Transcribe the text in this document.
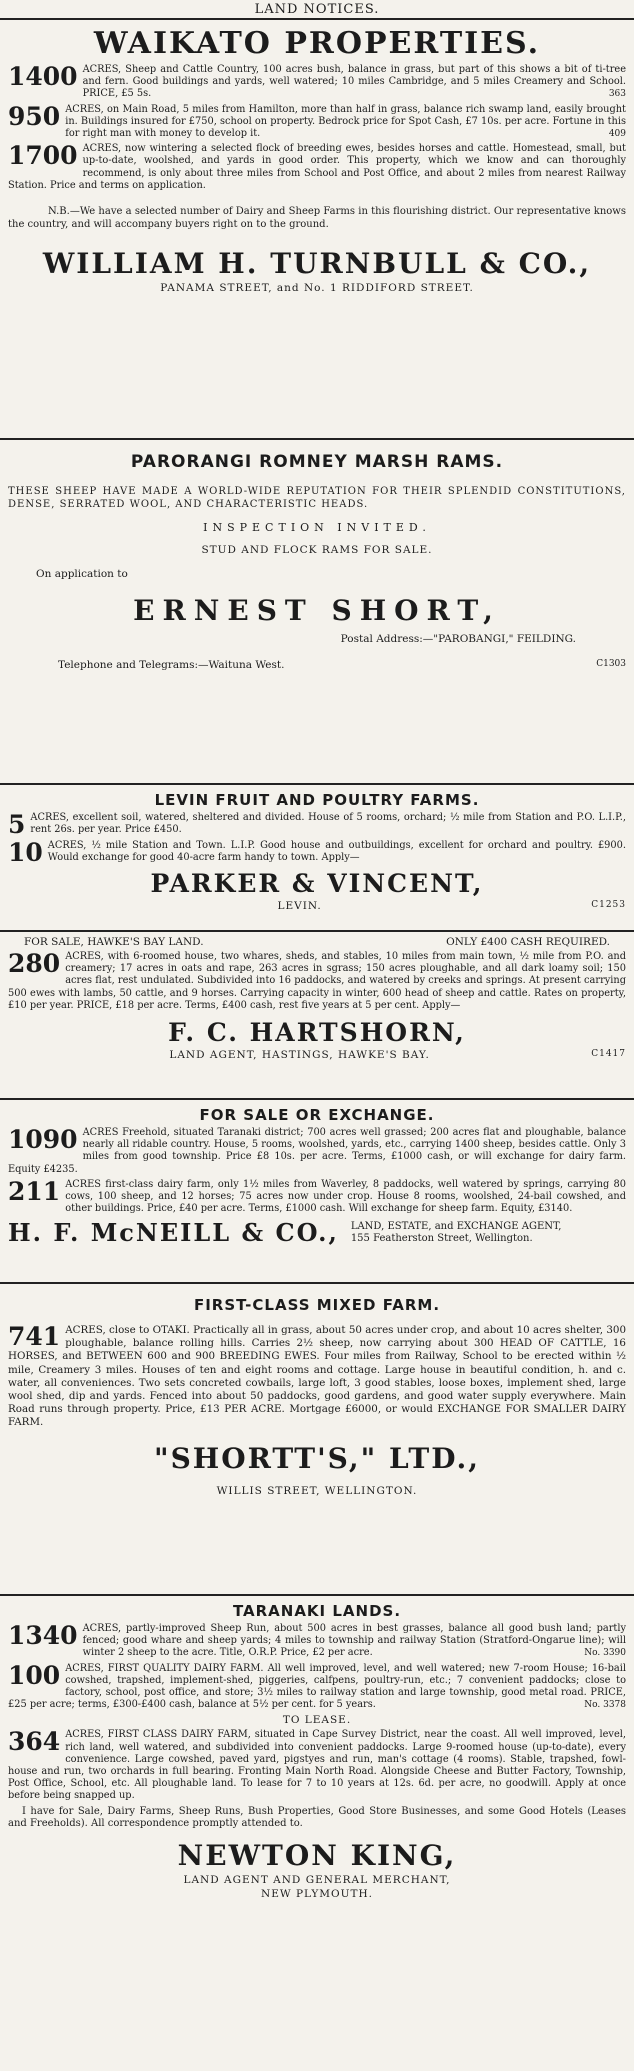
LAND NOTICES.
WAIKATO PROPERTIES.
1400 ACRES, Sheep and Cattle Country, 100 acres bush, balance in grass, but part of this shows a bit of ti-tree and fern. Good buildings and yards, well watered; 10 miles Cambridge, and 5 miles Creamery and School. PRICE, £5 5s.	363
950 ACRES, on Main Road, 5 miles from Hamilton, more than half in grass, balance rich swamp land, easily brought in. Buildings insured for £750, school on property. Bedrock price for Spot Cash, £7 10s. per acre. Fortune in this for right man with money to develop it.	409
1700 ACRES, now wintering a selected flock of breeding ewes, besides horses and cattle. Homestead, small, but up-to-date, woolshed, and yards in good order. This property, which we know and can thoroughly recommend, is only about three miles from School and Post Office, and about 2 miles from nearest Railway Station. Price and terms on application.
N.B.—We have a selected number of Dairy and Sheep Farms in this flourishing district. Our representative knows the country, and will accompany buyers right on to the ground.
WILLIAM H. TURNBULL & CO.,
PANAMA STREET, and No. 1 RIDDIFORD STREET.
PARORANGI ROMNEY MARSH RAMS.
THESE SHEEP HAVE MADE A WORLD-WIDE REPUTATION FOR THEIR SPLENDID CONSTITUTIONS, DENSE, SERRATED WOOL, AND CHARACTERISTIC HEADS.
INSPECTION INVITED.
STUD AND FLOCK RAMS FOR SALE.
On application to
ERNEST SHORT,
Postal Address:—"PAROBANGI," FEILDING.
Telephone and Telegrams:—Waituna West.	C1303
LEVIN FRUIT AND POULTRY FARMS.
5 ACRES, excellent soil, watered, sheltered and divided. House of 5 rooms, orchard; ½ mile from Station and P.O. L.I.P., rent 26s. per year. Price £450.
10 ACRES, ½ mile Station and Town. L.I.P. Good house and outbuildings, excellent for orchard and poultry. £900. Would exchange for good 40-acre farm handy to town. Apply—
PARKER & VINCENT,
LEVIN.	C1253
FOR SALE, HAWKE'S BAY LAND.	ONLY £400 CASH REQUIRED.
280 ACRES, with 6-roomed house, two whares, sheds, and stables, 10 miles from main town, ½ mile from P.O. and creamery; 17 acres in oats and rape, 263 acres in sgrass; 150 acres ploughable, and all dark loamy soil; 150 acres flat, rest undulated. Subdivided into 16 paddocks, and watered by creeks and springs. At present carrying 500 ewes with lambs, 50 cattle, and 9 horses. Carrying capacity in winter, 600 head of sheep and cattle. Rates on property, £10 per year. PRICE, £18 per acre. Terms, £400 cash, rest five years at 5 per cent. Apply—
F. C. HARTSHORN,
LAND AGENT, HASTINGS, HAWKE'S BAY.	C1417
FOR SALE OR EXCHANGE.
1090 ACRES Freehold, situated Taranaki district; 700 acres well grassed; 200 acres flat and ploughable, balance nearly all ridable country. House, 5 rooms, woolshed, yards, etc., carrying 1400 sheep, besides cattle. Only 3 miles from good township. Price £8 10s. per acre. Terms, £1000 cash, or will exchange for dairy farm. Equity £4235.
211 ACRES first-class dairy farm, only 1½ miles from Waverley, 8 paddocks, well watered by springs, carrying 80 cows, 100 sheep, and 12 horses; 75 acres now under crop. House 8 rooms, woolshed, 24-bail cowshed, and other buildings. Price, £40 per acre. Terms, £1000 cash. Will exchange for sheep farm. Equity, £3140.
H. F. McNEILL & CO., LAND, ESTATE, and EXCHANGE AGENT,
155 Featherston Street, Wellington.
FIRST-CLASS MIXED FARM.
741 ACRES, close to OTAKI. Practically all in grass, about 50 acres under crop, and about 10 acres shelter, 300 ploughable, balance rolling hills. Carries 2½ sheep, now carrying about 300 HEAD OF CATTLE, 16 HORSES, and BETWEEN 600 and 900 BREEDING EWES. Four miles from Railway, School to be erected within ½ mile, Creamery 3 miles. Houses of ten and eight rooms and cottage. Large house in beautiful condition, h. and c. water, all conveniences. Two sets concreted cowbails, large loft, 3 good stables, loose boxes, implement shed, large wool shed, dip and yards. Fenced into about 50 paddocks, good gardens, and good water supply everywhere. Main Road runs through property. Price, £13 PER ACRE. Mortgage £6000, or would EXCHANGE FOR SMALLER DAIRY FARM.
"SHORTT'S," LTD.,
WILLIS STREET, WELLINGTON.
TARANAKI LANDS.
1340 ACRES, partly-improved Sheep Run, about 500 acres in best grasses, balance all good bush land; partly fenced; good whare and sheep yards; 4 miles to township and railway Station (Stratford-Ongarue line); will winter 2 sheep to the acre. Title, O.R.P. Price, £2 per acre.	No. 3390
100 ACRES, FIRST QUALITY DAIRY FARM. All well improved, level, and well watered; new 7-room House; 16-bail cowshed, trapshed, implement-shed, piggeries, calfpens, poultry-run, etc.; 7 convenient paddocks; close to factory, school, post office, and store; 3½ miles to railway station and large township, good metal road. PRICE, £25 per acre; terms, £300-£400 cash, balance at 5½ per cent. for 5 years.	No. 3378
TO LEASE.
364 ACRES, FIRST CLASS DAIRY FARM, situated in Cape Survey District, near the coast. All well improved, level, rich land, well watered, and subdivided into convenient paddocks. Large 9-roomed house (up-to-date), every convenience. Large cowshed, paved yard, pigstyes and run, man's cottage (4 rooms). Stable, trapshed, fowl-house and run, two orchards in full bearing. Fronting Main North Road. Alongside Cheese and Butter Factory, Township, Post Office, School, etc. All ploughable land. To lease for 7 to 10 years at 12s. 6d. per acre, no goodwill. Apply at once before being snapped up.
I have for Sale, Dairy Farms, Sheep Runs, Bush Properties, Good Store Businesses, and some Good Hotels (Leases and Freeholds). All correspondence promptly attended to.
NEWTON KING,
LAND AGENT AND GENERAL MERCHANT,
NEW PLYMOUTH.
